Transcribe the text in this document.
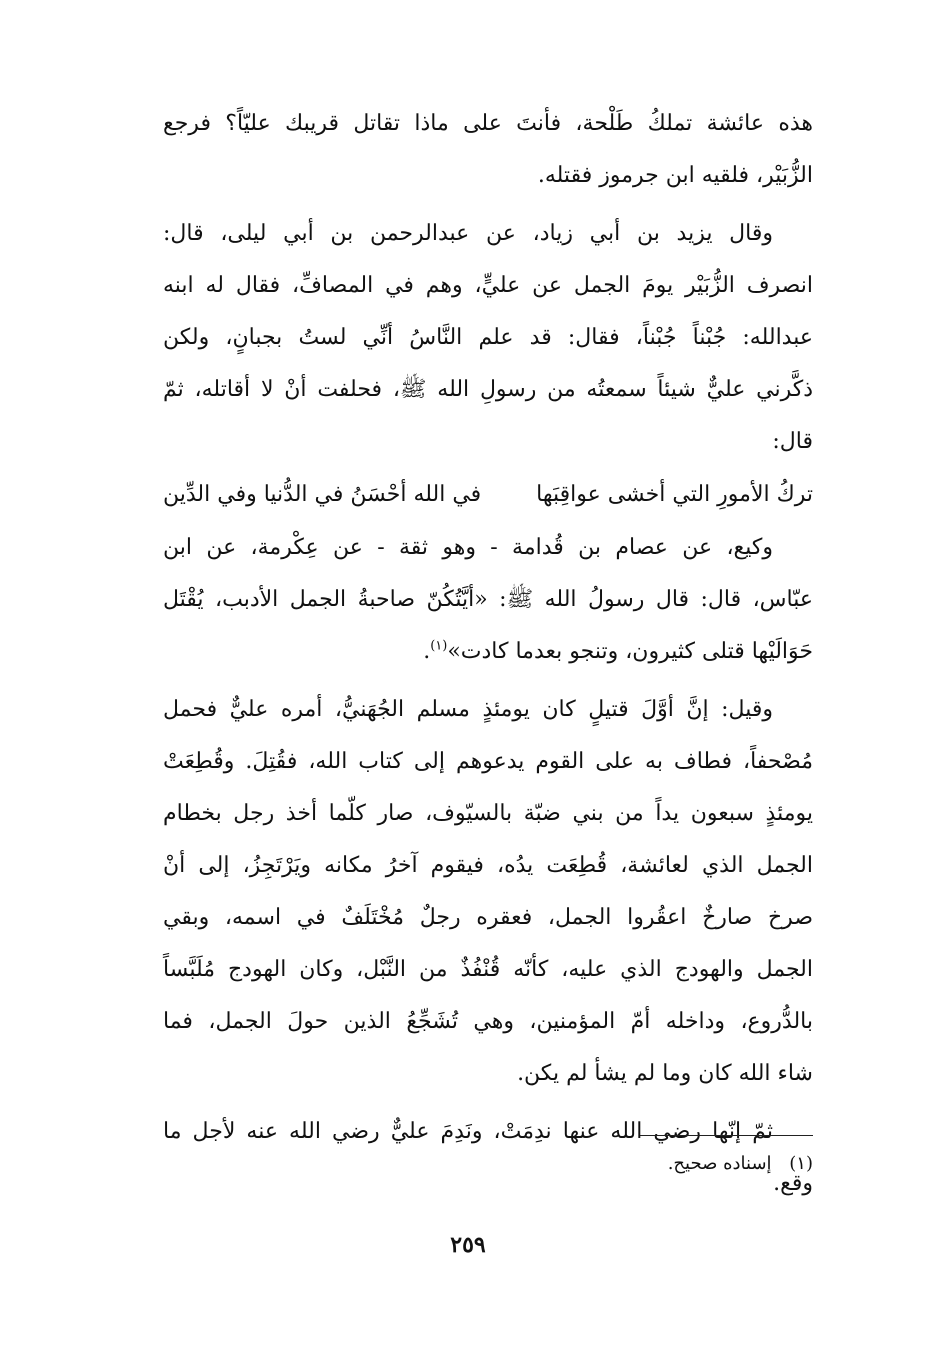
هذه عائشة تملكُ طَلْحة، فأنتَ على ماذا تقاتل قريبك عليّاً؟ فرجع
الزُّبَيْر، فلقيه ابن جرموز فقتله.
وقال يزيد بن أبي زياد، عن عبدالرحمن بن أبي ليلى، قال:
انصرف الزُّبَيْر يومَ الجمل عن عليٍّ، وهم في المصافِّ، فقال له ابنه
عبدالله: جُبْناً جُبْناً، فقال: قد علم النَّاسُ أنِّي لستُ بجبانٍ، ولكن
ذكَّرني عليٌّ شيئاً سمعتُه من رسولِ الله ﷺ، فحلفت أنْ لا أقاتله، ثمّ
قال:
تركُ الأمورِ التي أخشى عواقِبَها
في الله أحْسَنُ في الدُّنيا وفي الدِّين
وكيع، عن عصام بن قُدامة - وهو ثقة - عن عِكْرمة، عن ابن
عبّاس، قال: قال رسولُ الله ﷺ: «أيَّتُكُنّ صاحبةُ الجمل الأدبب، يُقْتَل
حَوَالَيْها قتلى كثيرون، وتنجو بعدما كادت»$^{(١)}$.
وقيل: إنَّ أوَّلَ قتيلٍ كان يومئذٍ مسلم الجُهَنيُّ، أمره عليٌّ فحمل
مُصْحفاً، فطاف به على القوم يدعوهم إلى كتاب الله، فقُتِلَ. وقُطِعَتْ
يومئذٍ سبعون يداً من بني ضبّة بالسيّوف، صار كلّما أخذ رجل بخطام
الجمل الذي لعائشة، قُطِعَت يدُه، فيقوم آخرُ مكانه ويَرْتَجِزُ، إلى أنْ
صرخ صارخٌ اعقُروا الجمل، فعقره رجلٌ مُخْتَلَفٌ في اسمه، وبقي
الجمل والهودج الذي عليه، كأنّه قُنْفُذٌ من النَّبْل، وكان الهودج مُلَبَّساً
بالدُّروع، وداخله أمّ المؤمنين، وهي تُشَجِّعُ الذين حولَ الجمل، فما
شاء الله كان وما لم يشأ لم يكن.
ثمّ إنّها رضي الله عنها ندِمَتْ، ونَدِمَ عليٌّ رضي الله عنه لأجل ما
وقع.
(١) إسناده صحيح.
٢٥٩
